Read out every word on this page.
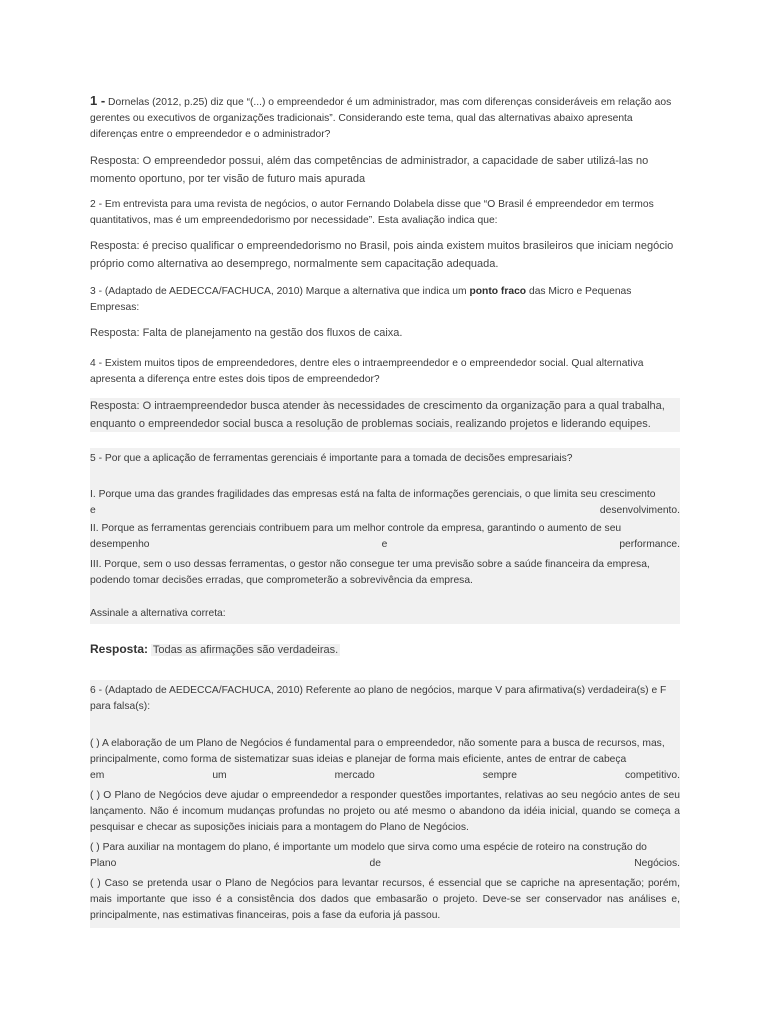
1 - Dornelas (2012, p.25) diz que “(...) o empreendedor é um administrador, mas com diferenças consideráveis em relação aos gerentes ou executivos de organizações tradicionais”. Considerando este tema, qual das alternativas abaixo apresenta diferenças entre o empreendedor e o administrador?

Resposta: O empreendedor possui, além das competências de administrador, a capacidade de saber utilizá-las no momento oportuno, por ter visão de futuro mais apurada
2 - Em entrevista para uma revista de negócios, o autor Fernando Dolabela disse que “O Brasil é empreendedor em termos quantitativos, mas é um empreendedorismo por necessidade”. Esta avaliação indica que:
Resposta: é preciso qualificar o empreendedorismo no Brasil, pois ainda existem muitos brasileiros que iniciam negócio próprio como alternativa ao desemprego, normalmente sem capacitação adequada.

3 - (Adaptado de AEDECCA/FACHUCA, 2010) Marque a alternativa que indica um ponto fraco das Micro e Pequenas Empresas:

Resposta: Falta de planejamento na gestão dos fluxos de caixa.
4 - Existem muitos tipos de empreendedores, dentre eles o intraempreendedor e o empreendedor social. Qual alternativa apresenta a diferença entre estes dois tipos de empreendedor?
Resposta: O intraempreendedor busca atender às necessidades de crescimento da organização para a qual trabalha, enquanto o empreendedor social busca a resolução de problemas sociais, realizando projetos e liderando equipes.
5 - Por que a aplicação de ferramentas gerenciais é importante para a tomada de decisões empresariais?

I. Porque uma das grandes fragilidades das empresas está na falta de informações gerenciais, o que limita seu crescimento

e	desenvolvimento.

II. Porque as ferramentas gerenciais contribuem para um melhor controle da empresa, garantindo o aumento de seu

desempenho	e	performance.

III. Porque, sem o uso dessas ferramentas, o gestor não consegue ter uma previsão sobre a saúde financeira da empresa, podendo tomar decisões erradas, que comprometerão a sobrevivência da empresa.
Assinale a alternativa correta:
Resposta: Todas as afirmações são verdadeiras.
6 - (Adaptado de AEDECCA/FACHUCA, 2010) Referente ao plano de negócios, marque V para afirmativa(s) verdadeira(s) e F para falsa(s):

( ) A elaboração de um Plano de Negócios é fundamental para o empreendedor, não somente para a busca de recursos, mas, principalmente, como forma de sistematizar suas ideias e planejar de forma mais eficiente, antes de entrar de cabeça

em	um	mercado	sempre	competitivo.

( ) O Plano de Negócios deve ajudar o empreendedor a responder questões importantes, relativas ao seu negócio antes de seu lançamento. Não é incomum mudanças profundas no projeto ou até mesmo o abandono da idéia inicial, quando se começa a pesquisar e checar as suposições iniciais para a montagem do Plano de Negócios.

( ) Para auxiliar na montagem do plano, é importante um modelo que sirva como uma espécie de roteiro na construção do

Plano	de	Negócios.

( ) Caso se pretenda usar o Plano de Negócios para levantar recursos, é essencial que se capriche na apresentação; porém, mais importante que isso é a consistência dos dados que embasarão o projeto. Deve-se ser conservador nas análises e, principalmente, nas estimativas financeiras, pois a fase da euforia já passou.
